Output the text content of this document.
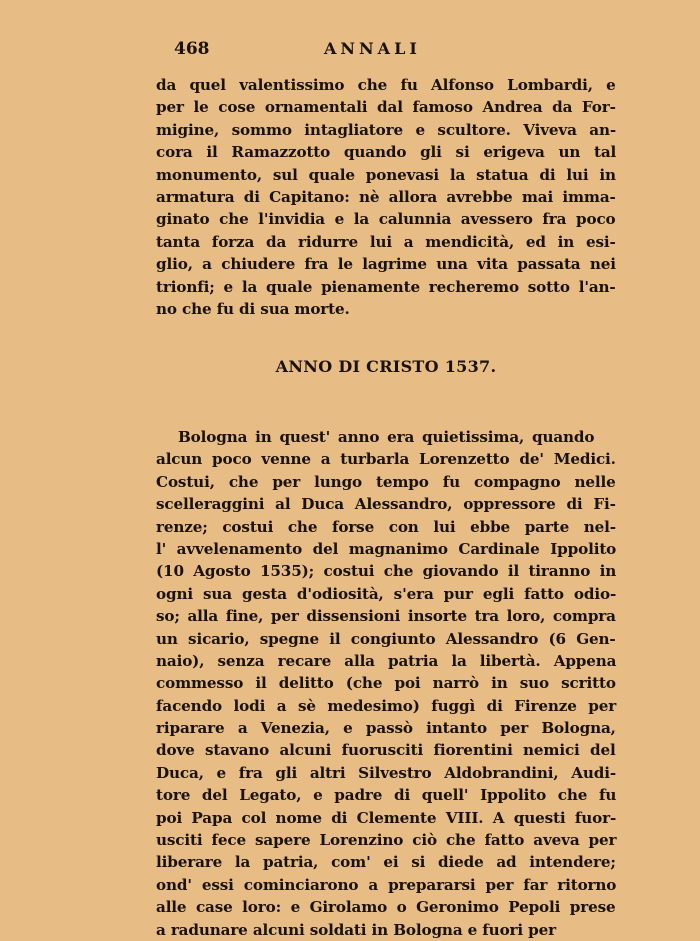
468	ANNALI
da quel valentissimo che fu Alfonso Lombardi, e
per le cose ornamentali dal famoso Andrea da For-
migine, sommo intagliatore e scultore. Viveva an-
cora il Ramazzotto quando gli si erigeva un tal
monumento, sul quale ponevasi la statua di lui in
armatura di Capitano: nè allora avrebbe mai imma-
ginato che l'invidia e la calunnia avessero fra poco
tanta forza da ridurre lui a mendicità, ed in esi-
glio, a chiudere fra le lagrime una vita passata nei
trionfi; e la quale pienamente recheremo sotto l'an-
no che fu di sua morte.
ANNO DI CRISTO 1537.
Bologna in quest' anno era quietissima, quando
alcun poco venne a turbarla Lorenzetto de' Medici.
Costui, che per lungo tempo fu compagno nelle
scelleraggini al Duca Alessandro, oppressore di Fi-
renze; costui che forse con lui ebbe parte nel-
l' avvelenamento del magnanimo Cardinale Ippolito
(10 Agosto 1535); costui che giovando il tiranno in
ogni sua gesta d'odiosità, s'era pur egli fatto odio-
so; alla fine, per dissensioni insorte tra loro, compra
un sicario, spegne il congiunto Alessandro (6 Gen-
naio), senza recare alla patria la libertà. Appena
commesso il delitto (che poi narrò in suo scritto
facendo lodi a sè medesimo) fuggì di Firenze per
riparare a Venezia, e passò intanto per Bologna,
dove stavano alcuni fuorusciti fiorentini nemici del
Duca, e fra gli altri Silvestro Aldobrandini, Audi-
tore del Legato, e padre di quell' Ippolito che fu
poi Papa col nome di Clemente VIII. A questi fuor-
usciti fece sapere Lorenzino ciò che fatto aveva per
liberare la patria, com' ei si diede ad intendere;
ond' essi cominciarono a prepararsi per far ritorno
alle case loro: e Girolamo o Geronimo Pepoli prese
a radunare alcuni soldati in Bologna e fuori per
